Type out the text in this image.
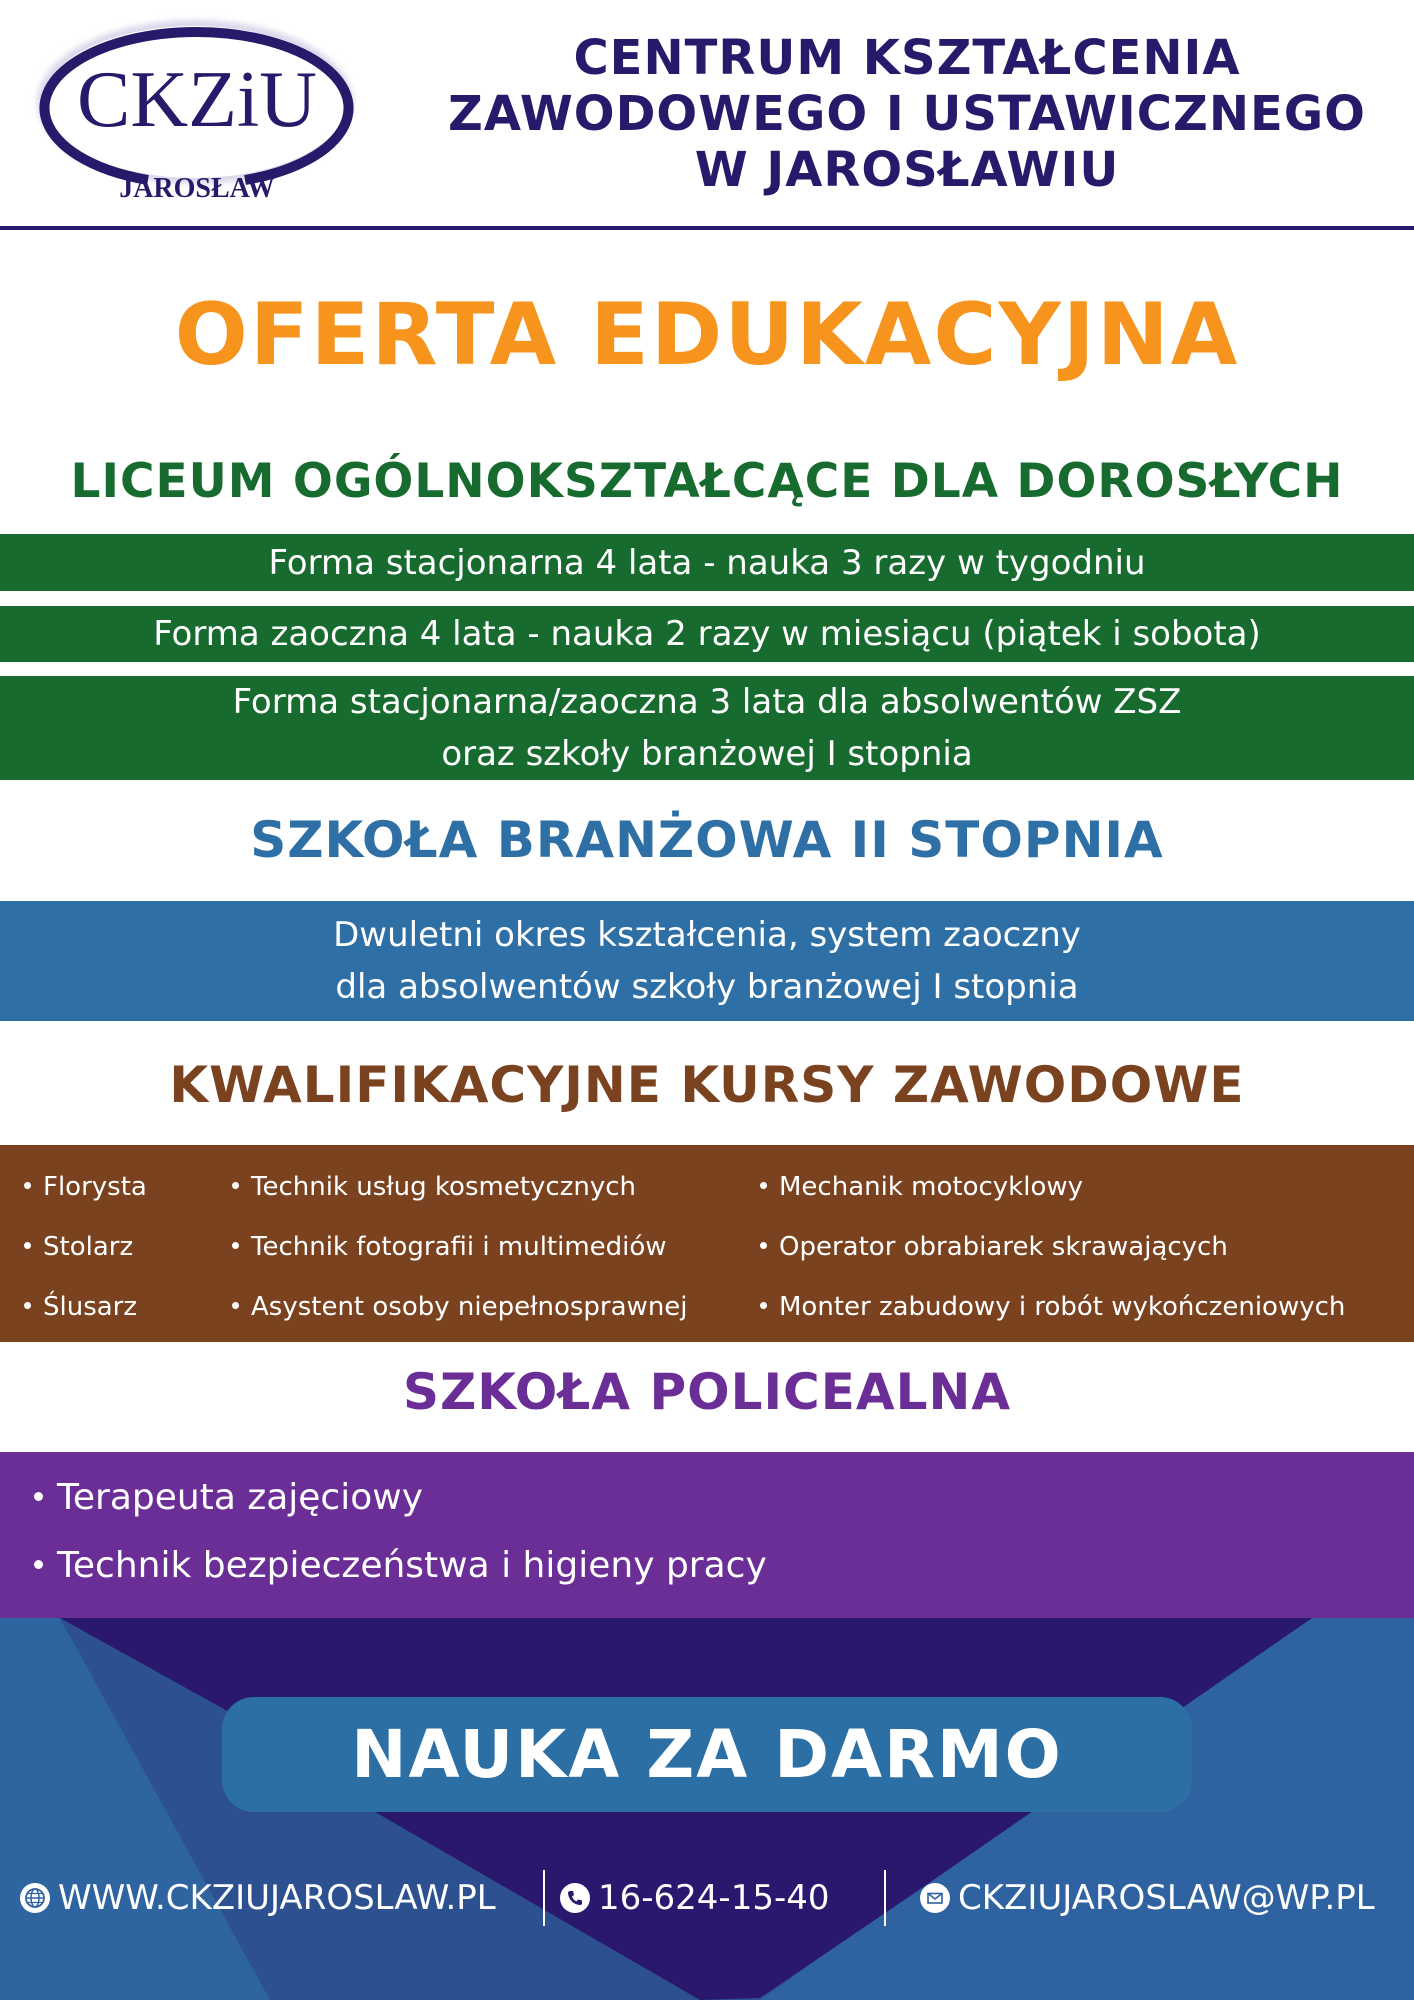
CKZiU
JAROSŁAW
CENTRUM KSZTAŁCENIA
ZAWODOWEGO I USTAWICZNEGO
W JAROSŁAWIU
OFERTA EDUKACYJNA
LICEUM OGÓLNOKSZTAŁCĄCE DLA DOROSŁYCH
Forma stacjonarna 4 lata - nauka 3 razy w tygodniu
Forma zaoczna 4 lata - nauka 2 razy w miesiącu (piątek i sobota)
Forma stacjonarna/zaoczna 3 lata dla absolwentów ZSZ
oraz szkoły branżowej I stopnia
SZKOŁA BRANŻOWA II STOPNIA
Dwuletni okres kształcenia, system zaoczny
dla absolwentów szkoły branżowej I stopnia
KWALIFIKACYJNE KURSY ZAWODOWE
Florysta
Stolarz
Ślusarz
Technik usług kosmetycznych
Technik fotografii i multimediów
Asystent osoby niepełnosprawnej
Mechanik motocyklowy
Operator obrabiarek skrawających
Monter zabudowy i robót wykończeniowych
SZKOŁA POLICEALNA
Terapeuta zajęciowy
Technik bezpieczeństwa i higieny pracy
NAUKA ZA DARMO
WWW.CKZIUJAROSLAW.PL	16-624-15-40	CKZIUJAROSLAW@WP.PL
